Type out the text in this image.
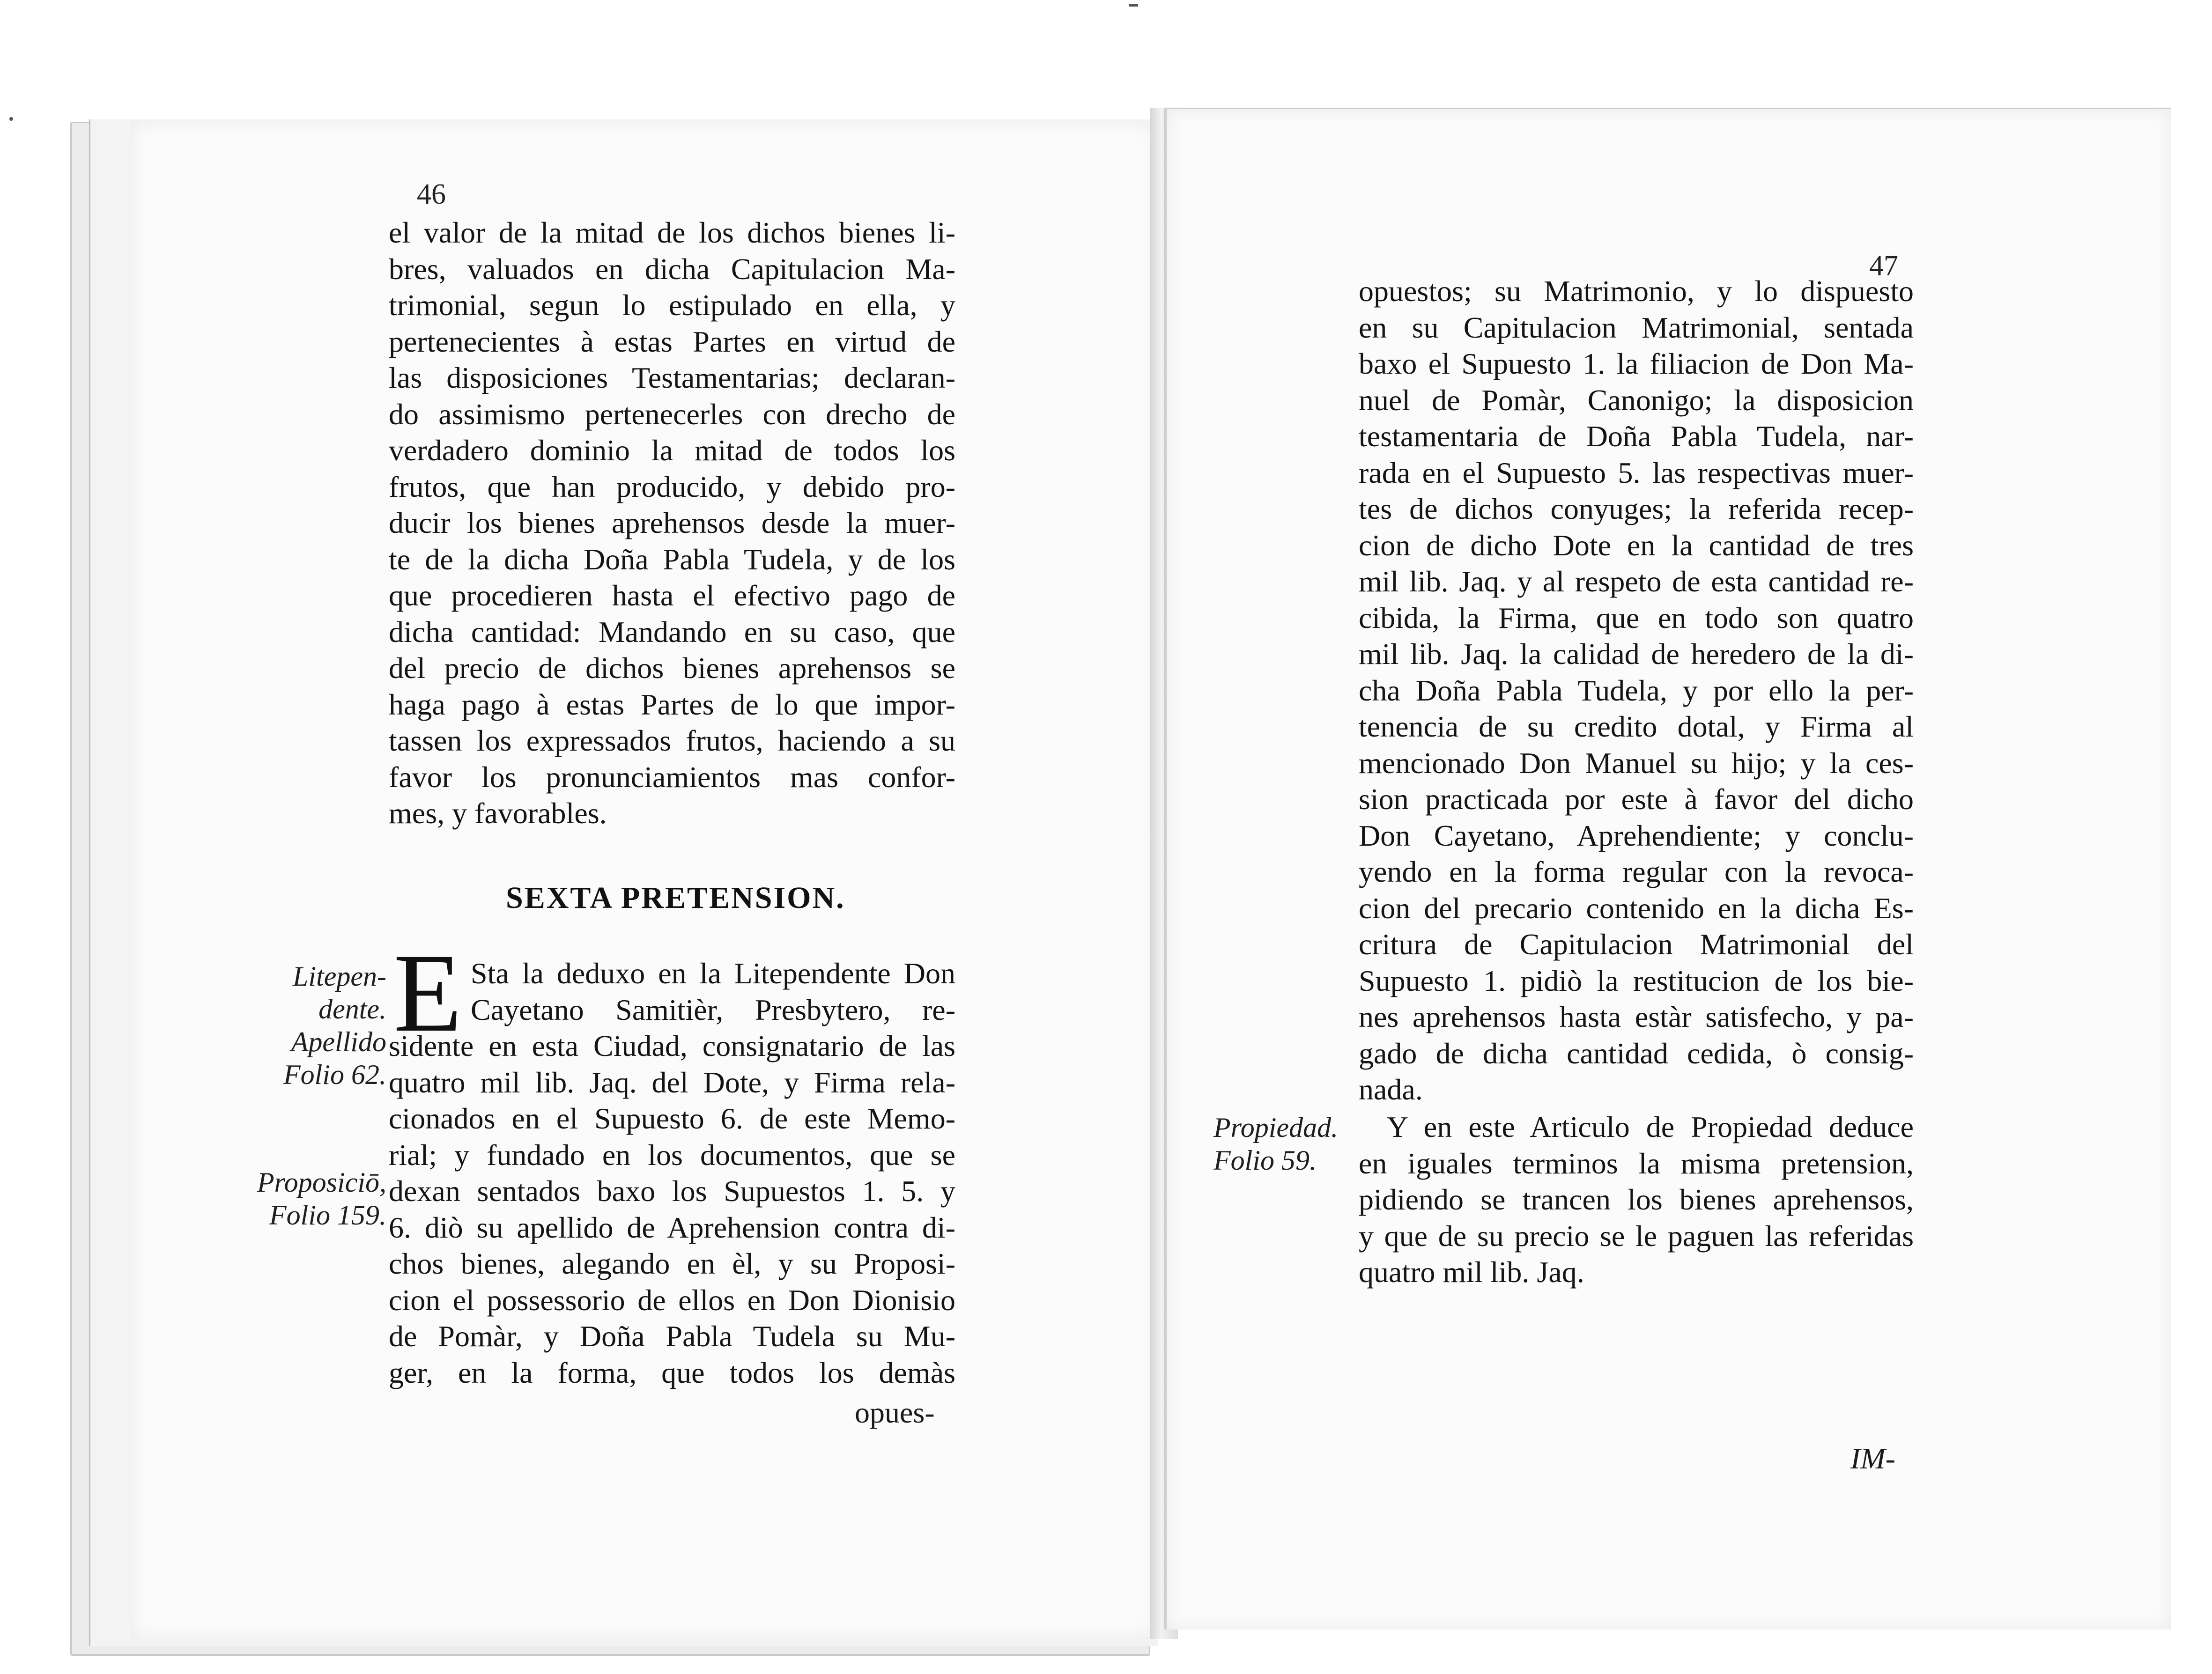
46
el valor de la mitad de los dichos bienes li-
bres, valuados en dicha Capitulacion Ma-
trimonial, segun lo estipulado en ella, y
pertenecientes à estas Partes en virtud de
las disposiciones Testamentarias; declaran-
do assimismo pertenecerles con drecho de
verdadero dominio la mitad de todos los
frutos, que han producido, y debido pro-
ducir los bienes aprehensos desde la muer-
te de la dicha Doña Pabla Tudela, y de los
que procedieren hasta el efectivo pago de
dicha cantidad: Mandando en su caso, que
del precio de dichos bienes aprehensos se
haga pago à estas Partes de lo que impor-
tassen los expressados frutos, haciendo a su
favor los pronunciamientos mas confor-
mes, y favorables.
SEXTA PRETENSION.
E Sta la deduxo en la Litependente Don
Cayetano Samitièr, Presbytero, re-
sidente en esta Ciudad, consignatario de las
quatro mil lib. Jaq. del Dote, y Firma rela-
cionados en el Supuesto 6. de este Memo-
rial; y fundado en los documentos, que se
dexan sentados baxo los Supuestos 1. 5. y
6. diò su apellido de Aprehension contra di-
chos bienes, alegando en èl, y su Proposi-
cion el possessorio de ellos en Don Dionisio
de Pomàr, y Doña Pabla Tudela su Mu-
ger, en la forma, que todos los demàs
opues-
Litepen-
dente.
Apellido
Folio 62.
Proposiciō,
Folio 159.
47
opuestos; su Matrimonio, y lo dispuesto
en su Capitulacion Matrimonial, sentada
baxo el Supuesto 1. la filiacion de Don Ma-
nuel de Pomàr, Canonigo; la disposicion
testamentaria de Doña Pabla Tudela, nar-
rada en el Supuesto 5. las respectivas muer-
tes de dichos conyuges; la referida recep-
cion de dicho Dote en la cantidad de tres
mil lib. Jaq. y al respeto de esta cantidad re-
cibida, la Firma, que en todo son quatro
mil lib. Jaq. la calidad de heredero de la di-
cha Doña Pabla Tudela, y por ello la per-
tenencia de su credito dotal, y Firma al
mencionado Don Manuel su hijo; y la ces-
sion practicada por este à favor del dicho
Don Cayetano, Aprehendiente; y conclu-
yendo en la forma regular con la revoca-
cion del precario contenido en la dicha Es-
critura de Capitulacion Matrimonial del
Supuesto 1. pidiò la restitucion de los bie-
nes aprehensos hasta estàr satisfecho, y pa-
gado de dicha cantidad cedida, ò consig-
nada.
Y en este Articulo de Propiedad deduce
en iguales terminos la misma pretension,
pidiendo se trancen los bienes aprehensos,
y que de su precio se le paguen las referidas
quatro mil lib. Jaq.
IM-
Propiedad.
Folio 59.
